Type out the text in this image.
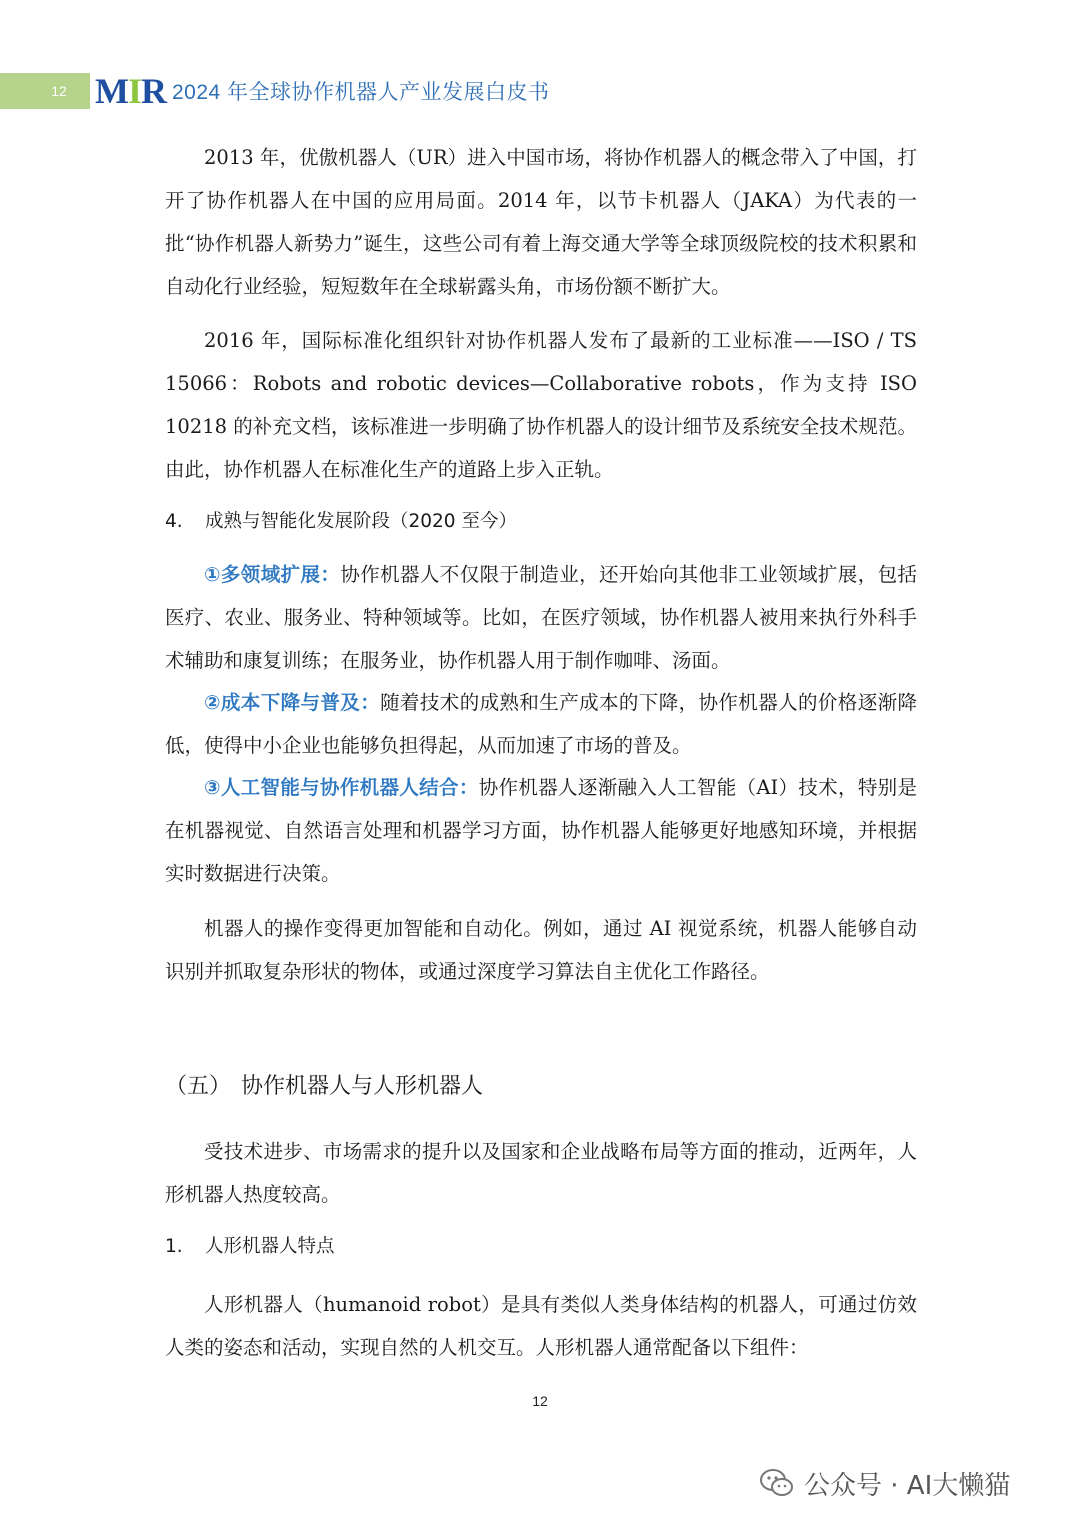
12 MIR 2024 年全球协作机器人产业发展白皮书

2013 年，优傲机器人（UR）进入中国市场，将协作机器人的概念带入了中国，打开了协作机器人在中国的应用局面。2014 年，以节卡机器人（JAKA）为代表的一批“协作机器人新势力”诞生，这些公司有着上海交通大学等全球顶级院校的技术积累和自动化行业经验，短短数年在全球崭露头角，市场份额不断扩大。

2016 年，国际标准化组织针对协作机器人发布了最新的工业标准——ISO / TS 15066：Robots and robotic devices—Collaborative robots，作为支持 ISO 10218 的补充文档，该标准进一步明确了协作机器人的设计细节及系统安全技术规范。由此，协作机器人在标准化生产的道路上步入正轨。

4. 成熟与智能化发展阶段（2020 至今）

①多领域扩展：协作机器人不仅限于制造业，还开始向其他非工业领域扩展，包括医疗、农业、服务业、特种领域等。比如，在医疗领域，协作机器人被用来执行外科手术辅助和康复训练；在服务业，协作机器人用于制作咖啡、汤面。

②成本下降与普及：随着技术的成熟和生产成本的下降，协作机器人的价格逐渐降低，使得中小企业也能够负担得起，从而加速了市场的普及。

③人工智能与协作机器人结合：协作机器人逐渐融入人工智能（AI）技术，特别是在机器视觉、自然语言处理和机器学习方面，协作机器人能够更好地感知环境，并根据实时数据进行决策。

机器人的操作变得更加智能和自动化。例如，通过 AI 视觉系统，机器人能够自动识别并抓取复杂形状的物体，或通过深度学习算法自主优化工作路径。

（五） 协作机器人与人形机器人

受技术进步、市场需求的提升以及国家和企业战略布局等方面的推动，近两年，人形机器人热度较高。

1. 人形机器人特点

人形机器人（humanoid robot）是具有类似人类身体结构的机器人，可通过仿效人类的姿态和活动，实现自然的人机交互。人形机器人通常配备以下组件：

12
公众号 · AI大懒猫
